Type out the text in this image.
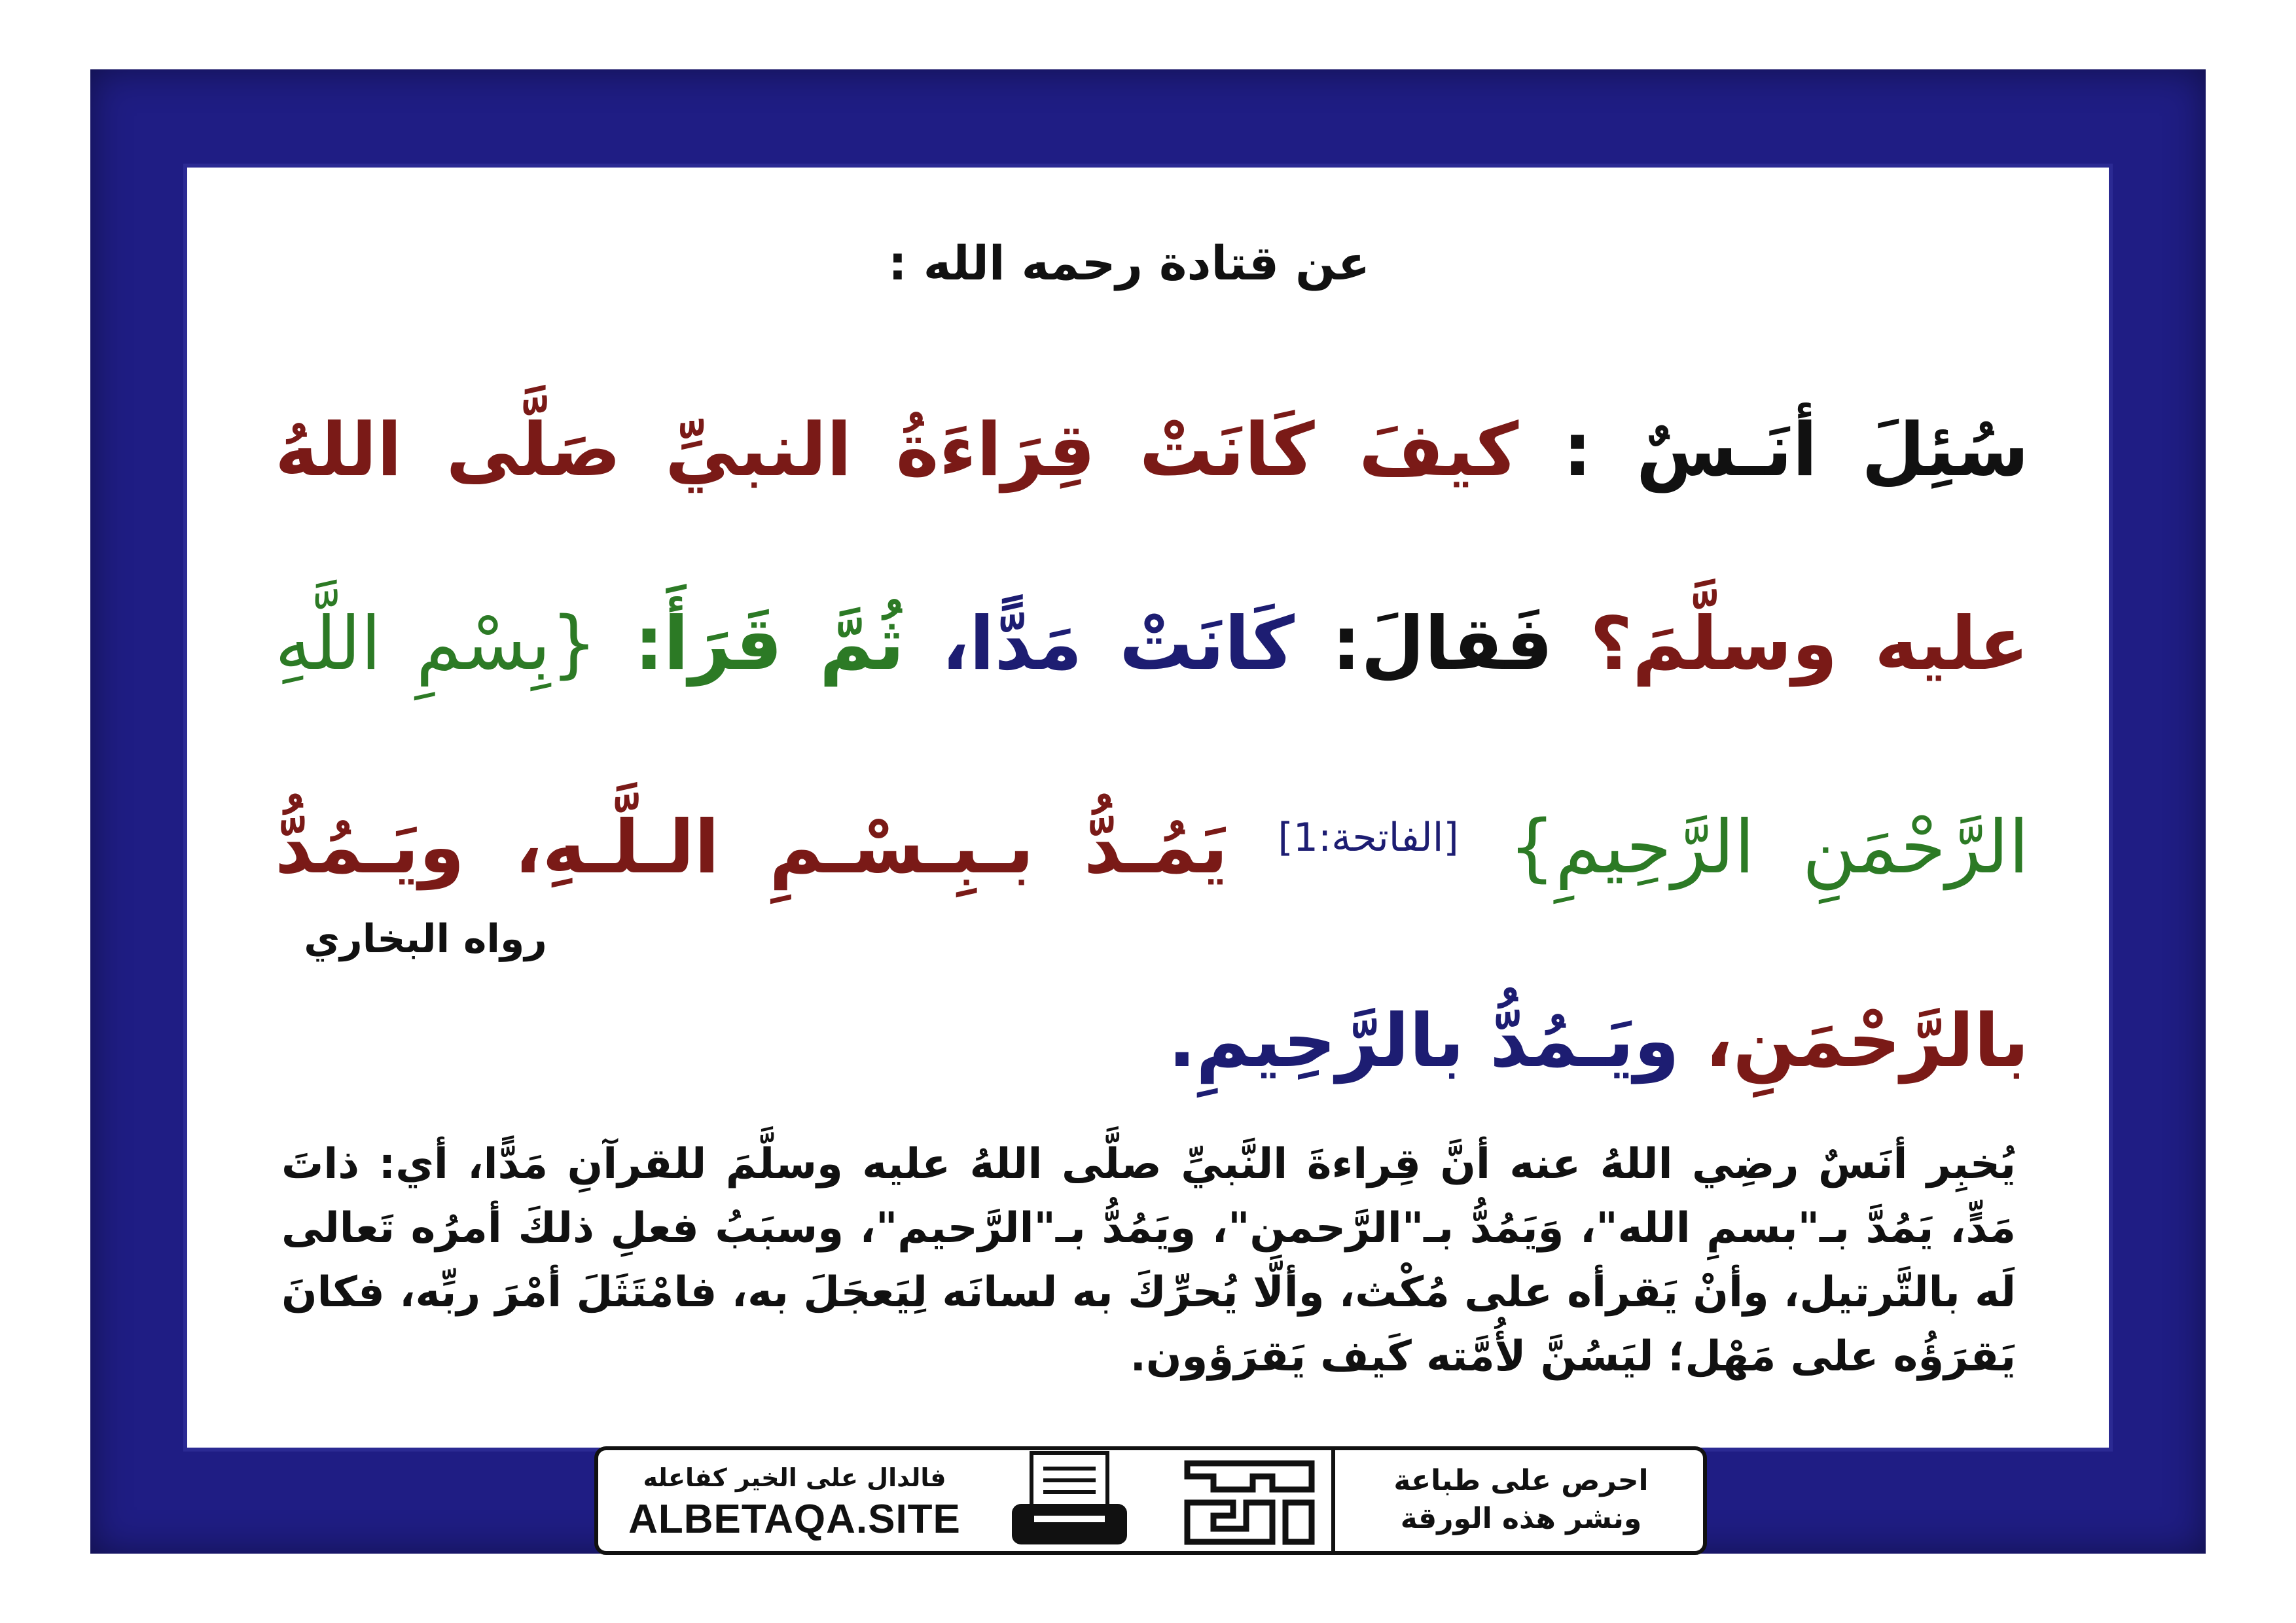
عن قتادة رحمه الله :
سُئِلَ أنَـسٌ : كيفَ كَانَتْ قِرَاءَةُ النبيِّ صَلَّى اللهُ عليه وسلَّمَ؟ فَقالَ: كَانَتْ مَدًّا، ثُمَّ قَرَأَ: {بِسْمِ اللَّهِ الرَّحْمَنِ الرَّحِيمِ} [الفاتحة:1] يَمُـدُّ بـبِـسْـمِ الـلَّـهِ، ويَـمُدُّ بالرَّحْمَنِ، ويَـمُدُّ بالرَّحِيمِ.
رواه البخاري
يُخبِر أنَسٌ رضِي اللهُ عنه أنَّ قِراءةَ النَّبيِّ صلَّى اللهُ عليه وسلَّمَ للقرآنِ مَدًّا، أي: ذاتَ مَدٍّ، يَمُدَّ بـ"بسمِ الله"، وَيَمُدُّ بـ"الرَّحمن"، ويَمُدُّ بـ"الرَّحيم"، وسبَبُ فعلِ ذلكَ أمرُه تَعالى لَه بالتَّرتيل، وأنْ يَقرأه على مُكْث، وألَّا يُحرِّكَ به لسانَه لِيَعجَلَ به، فامْتَثَلَ أمْرَ ربِّه، فكانَ يَقرَؤُه على مَهْل؛ ليَسُنَّ لأُمَّته كَيف يَقرَؤون.
فالدال على الخير كفاعله
ALBETAQA.SITE
احرص على طباعة
ونشر هذه الورقة
